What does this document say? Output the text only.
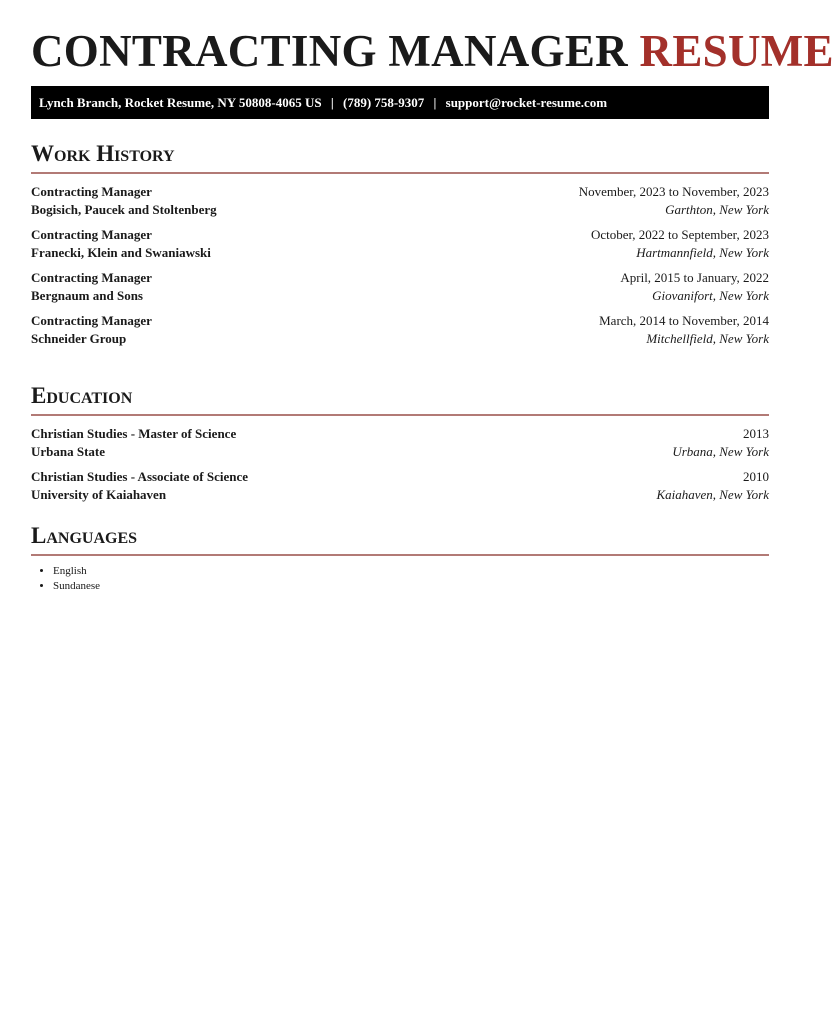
CONTRACTING MANAGER RESUME
Lynch Branch, Rocket Resume, NY 50808-4065 US | (789) 758-9307 | support@rocket-resume.com
Work History
Contracting Manager	November, 2023 to November, 2023
Bogisich, Paucek and Stoltenberg	Garthton, New York
Contracting Manager	October, 2022 to September, 2023
Franecki, Klein and Swaniawski	Hartmannfield, New York
Contracting Manager	April, 2015 to January, 2022
Bergnaum and Sons	Giovanifort, New York
Contracting Manager	March, 2014 to November, 2014
Schneider Group	Mitchellfield, New York
Education
Christian Studies - Master of Science	2013
Urbana State	Urbana, New York
Christian Studies - Associate of Science	2010
University of Kaiahaven	Kaiahaven, New York
Languages
• English
• Sundanese
